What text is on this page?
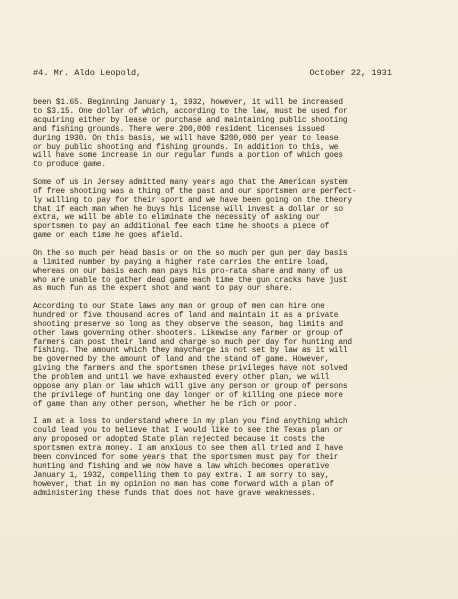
#4. Mr. Aldo Leopold,	October 22, 1931

been $1.65. Beginning January 1, 1932, however, it will be increased
to $3.15. One dollar of which, according to the law, must be used for
acquiring either by lease or purchase and maintaining public shooting
and fishing grounds. There were 200,000 resident licenses issued
during 1930. On this basis, we will have $200,000 per year to lease
or buy public shooting and fishing grounds. In addition to this, we
will have some increase in our regular funds a portion of which goes
to produce game.

Some of us in Jersey admitted many years ago that the American system
of free shooting was a thing of the past and our sportsmen are perfect-
ly willing to pay for their sport and we have been going on the theory
that if each man when he buys his license will invest a dollar or so
extra, we will be able to eliminate the necessity of asking our
sportsmen to pay an additional fee each time he shoots a piece of
game or each time he goes afield.

On the so much per head basis or on the so much per gun per day basis
a limited number by paying a higher rate carries the entire load,
whereas on our basis each man pays his pro-rata share and many of us
who are unable to gather dead game each time the gun cracks have just
as much fun as the expert shot and want to pay our share.

According to our State laws any man or group of men can hire one
hundred or five thousand acres of land and maintain it as a private
shooting preserve so long as they observe the season, bag limits and
other laws governing other shooters. Likewise any farmer or group of
farmers can post their land and charge so much per day for hunting and
fishing. The amount which they maycharge is not set by law as it will
be governed by the amount of land and the stand of game. However,
giving the farmers and the sportsmen these privileges have not solved
the problem and until we have exhausted every other plan, we will
oppose any plan or law which will give any person or group of persons
the privilege of hunting one day longer or of killing one piece more
of game than any other person, whether he be rich or poor.

I am at a loss to understand where in my plan you find anything which
could lead you to believe that I would like to see the Texas plan or
any proposed or adopted State plan rejected because it costs the
sportsmen extra money. I am anxious to see them all tried and I have
been convinced for some years that the sportsmen must pay for their
hunting and fishing and we now have a law which becomes operative
January 1, 1932, compelling them to pay extra. I am sorry to say,
however, that in my opinion no man has come forward with a plan of
administering these funds that does not have grave weaknesses.
